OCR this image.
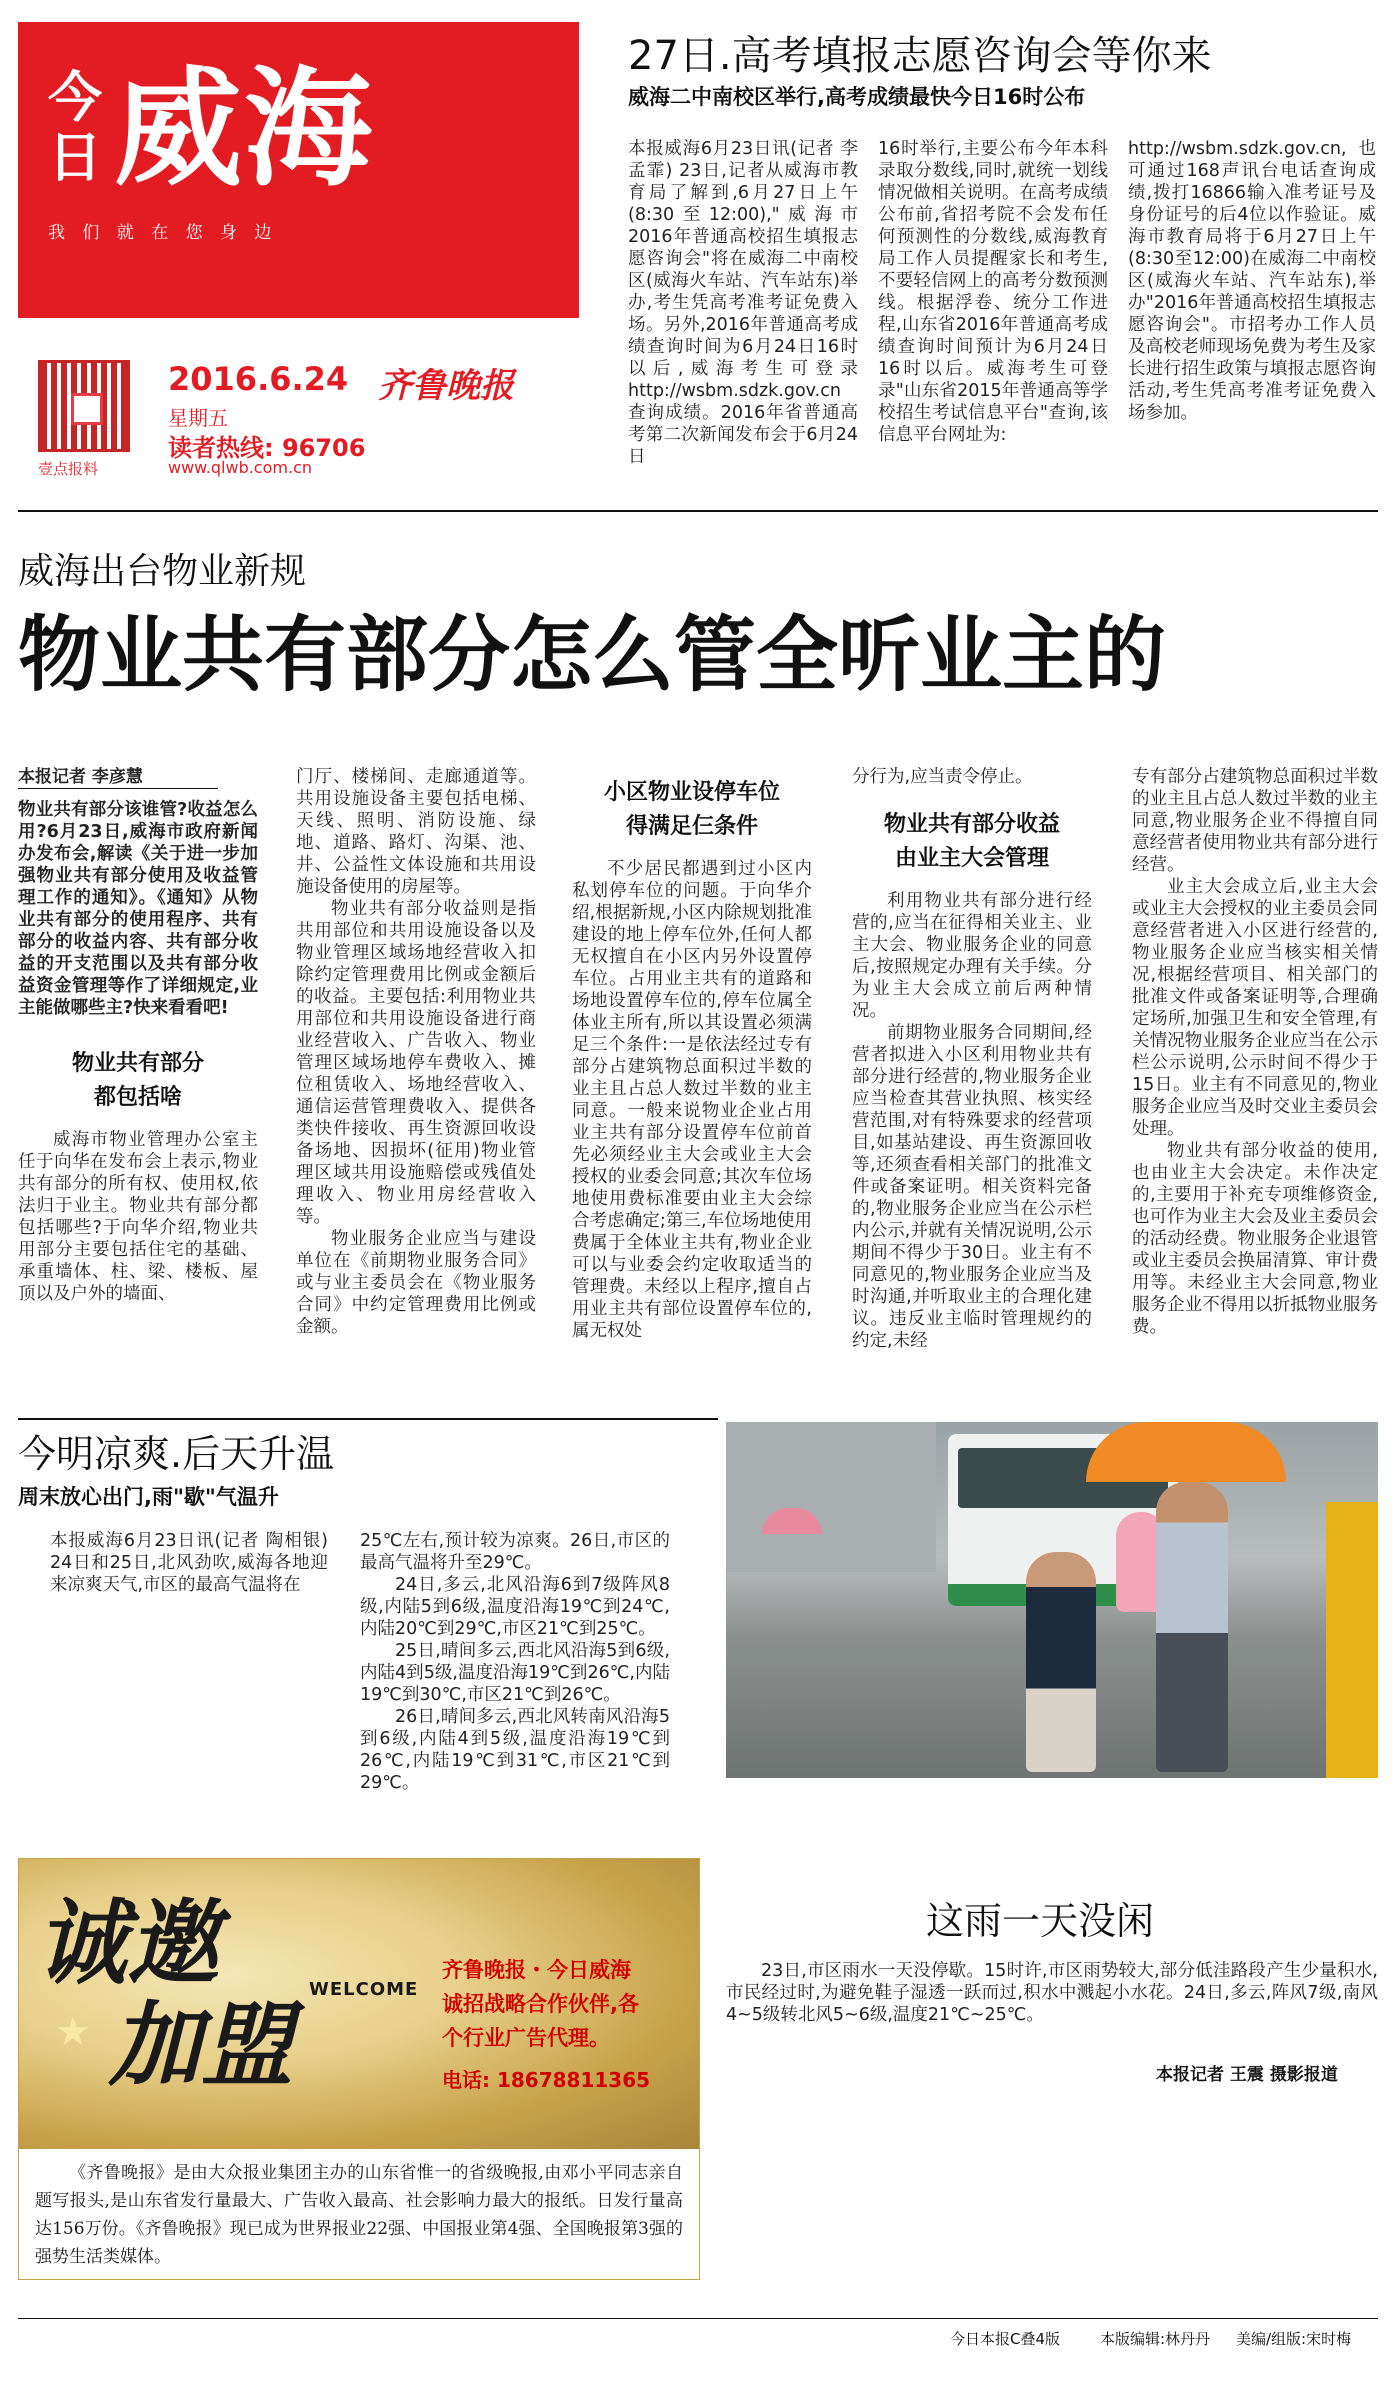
今日 威海
我 们 就 在 您 身 边
壹点报料
2016.6.24
星期五
读者热线: 96706
www.qlwb.com.cn
齐鲁晚报
27日.高考填报志愿咨询会等你来
威海二中南校区举行,高考成绩最快今日16时公布

本报威海6月23日讯(记者 李孟霏) 23日,记者从威海市教育局了解到,6月27日上午(8:30至12:00),"威海市2016年普通高校招生填报志愿咨询会"将在威海二中南校区(威海火车站、汽车站东)举办,考生凭高考准考证免费入场。另外,2016年普通高考成绩查询时间为6月24日16时以后,威海考生可登录http://wsbm.sdzk.gov.cn查询成绩。2016年省普通高考第二次新闻发布会于6月24日

16时举行,主要公布今年本科录取分数线,同时,就统一划线情况做相关说明。在高考成绩公布前,省招考院不会发布任何预测性的分数线,威海教育局工作人员提醒家长和考生,不要轻信网上的高考分数预测线。根据浮卷、统分工作进程,山东省2016年普通高考成绩查询时间预计为6月24日16时以后。威海考生可登录"山东省2015年普通高等学校招生考试信息平台"查询,该信息平台网址为:

http://wsbm.sdzk.gov.cn,也可通过168声讯台电话查询成绩,拨打16866输入准考证号及身份证号的后4位以作验证。威海市教育局将于6月27日上午(8:30至12:00)在威海二中南校区(威海火车站、汽车站东),举办"2016年普通高校招生填报志愿咨询会"。市招考办工作人员及高校老师现场免费为考生及家长进行招生政策与填报志愿咨询活动,考生凭高考准考证免费入场参加。

威海出台物业新规
物业共有部分怎么管全听业主的
本报记者 李彦慧

物业共有部分该谁管?收益怎么用?6月23日,威海市政府新闻办发布会,解读《关于进一步加强物业共有部分使用及收益管理工作的通知》。《通知》从物业共有部分的使用程序、共有部分的收益内容、共有部分收益的开支范围以及共有部分收益资金管理等作了详细规定,业主能做哪些主?快来看看吧!

物业共有部分
都包括啥

威海市物业管理办公室主任于向华在发布会上表示,物业共有部分的所有权、使用权,依法归于业主。物业共有部分都包括哪些?于向华介绍,物业共用部分主要包括住宅的基础、承重墙体、柱、梁、楼板、屋顶以及户外的墙面、

门厅、楼梯间、走廊通道等。共用设施设备主要包括电梯、天线、照明、消防设施、绿地、道路、路灯、沟渠、池、井、公益性文体设施和共用设施设备使用的房屋等。

物业共有部分收益则是指共用部位和共用设施设备以及物业管理区域场地经营收入扣除约定管理费用比例或金额后的收益。主要包括:利用物业共用部位和共用设施设备进行商业经营收入、广告收入、物业管理区域场地停车费收入、摊位租赁收入、场地经营收入、通信运营管理费收入、提供各类快件接收、再生资源回收设备场地、因损坏(征用)物业管理区域共用设施赔偿或残值处理收入、物业用房经营收入等。

物业服务企业应当与建设单位在《前期物业服务合同》或与业主委员会在《物业服务合同》中约定管理费用比例或金额。

小区物业设停车位
得满足仨条件

不少居民都遇到过小区内私划停车位的问题。于向华介绍,根据新规,小区内除规划批准建设的地上停车位外,任何人都无权擅自在小区内另外设置停车位。占用业主共有的道路和场地设置停车位的,停车位属全体业主所有,所以其设置必须满足三个条件:一是依法经过专有部分占建筑物总面积过半数的业主且占总人数过半数的业主同意。一般来说物业企业占用业主共有部分设置停车位前首先必须经业主大会或业主大会授权的业委会同意;其次车位场地使用费标准要由业主大会综合考虑确定;第三,车位场地使用费属于全体业主共有,物业企业可以与业委会约定收取适当的管理费。未经以上程序,擅自占用业主共有部位设置停车位的,属无权处

分行为,应当责令停止。

物业共有部分收益
由业主大会管理

利用物业共有部分进行经营的,应当在征得相关业主、业主大会、物业服务企业的同意后,按照规定办理有关手续。分为业主大会成立前后两种情况。

前期物业服务合同期间,经营者拟进入小区利用物业共有部分进行经营的,物业服务企业应当检查其营业执照、核实经营范围,对有特殊要求的经营项目,如基站建设、再生资源回收等,还须查看相关部门的批准文件或备案证明。相关资料完备的,物业服务企业应当在公示栏内公示,并就有关情况说明,公示期间不得少于30日。业主有不同意见的,物业服务企业应当及时沟通,并听取业主的合理化建议。违反业主临时管理规约的约定,未经

专有部分占建筑物总面积过半数的业主且占总人数过半数的业主同意,物业服务企业不得擅自同意经营者使用物业共有部分进行经营。

业主大会成立后,业主大会或业主大会授权的业主委员会同意经营者进入小区进行经营的,物业服务企业应当核实相关情况,根据经营项目、相关部门的批准文件或备案证明等,合理确定场所,加强卫生和安全管理,有关情况物业服务企业应当在公示栏公示说明,公示时间不得少于15日。业主有不同意见的,物业服务企业应当及时交业主委员会处理。

物业共有部分收益的使用,也由业主大会决定。未作决定的,主要用于补充专项维修资金,也可作为业主大会及业主委员会的活动经费。物业服务企业退管或业主委员会换届清算、审计费用等。未经业主大会同意,物业服务企业不得用以折抵物业服务费。

今明凉爽.后天升温
周末放心出门,雨"歇"气温升

本报威海6月23日讯(记者 陶相银) 24日和25日,北风劲吹,威海各地迎来凉爽天气,市区的最高气温将在

25℃左右,预计较为凉爽。26日,市区的最高气温将升至29℃。

24日,多云,北风沿海6到7级阵风8级,内陆5到6级,温度沿海19℃到24℃,内陆20℃到29℃,市区21℃到25℃。

25日,晴间多云,西北风沿海5到6级,内陆4到5级,温度沿海19℃到26℃,内陆19℃到30℃,市区21℃到26℃。

26日,晴间多云,西北风转南风沿海5到6级,内陆4到5级,温度沿海19℃到26℃,内陆19℃到31℃,市区21℃到29℃。

这雨一天没闲

23日,市区雨水一天没停歇。15时许,市区雨势较大,部分低洼路段产生少量积水,市民经过时,为避免鞋子湿透一跃而过,积水中溅起小水花。24日,多云,阵风7级,南风4~5级转北风5~6级,温度21℃~25℃。

本报记者 王震 摄影报道
诚邀	WELCOME
★ 加盟
齐鲁晚报・今日威海
诚招战略合作伙伴,各
个行业广告代理。
电话: 18678811365
《齐鲁晚报》是由大众报业集团主办的山东省惟一的省级晚报,由邓小平同志亲自题写报头,是山东省发行量最大、广告收入最高、社会影响力最大的报纸。日发行量高达156万份。《齐鲁晚报》现已成为世界报业22强、中国报业第4强、全国晚报第3强的强势生活类媒体。
今日本报C叠4版	本版编辑:林丹丹 美编/组版:宋时梅
